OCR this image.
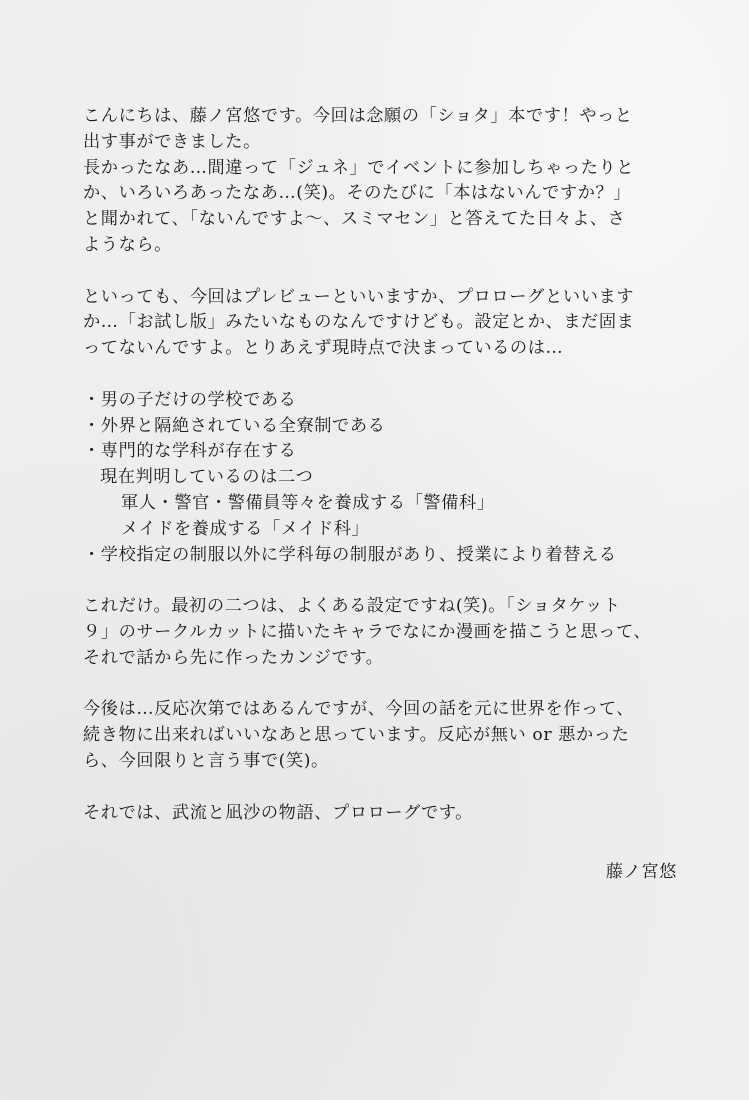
こんにちは、藤ノ宮悠です。今回は念願の「ショタ」本です！やっと
出す事ができました。
長かったなあ…間違って「ジュネ」でイベントに参加しちゃったりと
か、いろいろあったなあ…(笑)。そのたびに「本はないんですか？」
と聞かれて、「ないんですよ～、スミマセン」と答えてた日々よ、さ
ようなら。
といっても、今回はプレビューといいますか、プロローグといいます
か…「お試し版」みたいなものなんですけども。設定とか、まだ固ま
ってないんですよ。とりあえず現時点で決まっているのは…
・男の子だけの学校である
・外界と隔絶されている全寮制である
・専門的な学科が存在する
現在判明しているのは二つ
軍人・警官・警備員等々を養成する「警備科」
メイドを養成する「メイド科」
・学校指定の制服以外に学科毎の制服があり、授業により着替える
これだけ。最初の二つは、よくある設定ですね(笑)。「ショタケット
９」のサークルカットに描いたキャラでなにか漫画を描こうと思って、
それで話から先に作ったカンジです。
今後は…反応次第ではあるんですが、今回の話を元に世界を作って、
続き物に出来ればいいなあと思っています。反応が無い or 悪かった
ら、今回限りと言う事で(笑)。
それでは、武流と凪沙の物語、プロローグです。
藤ノ宮悠
